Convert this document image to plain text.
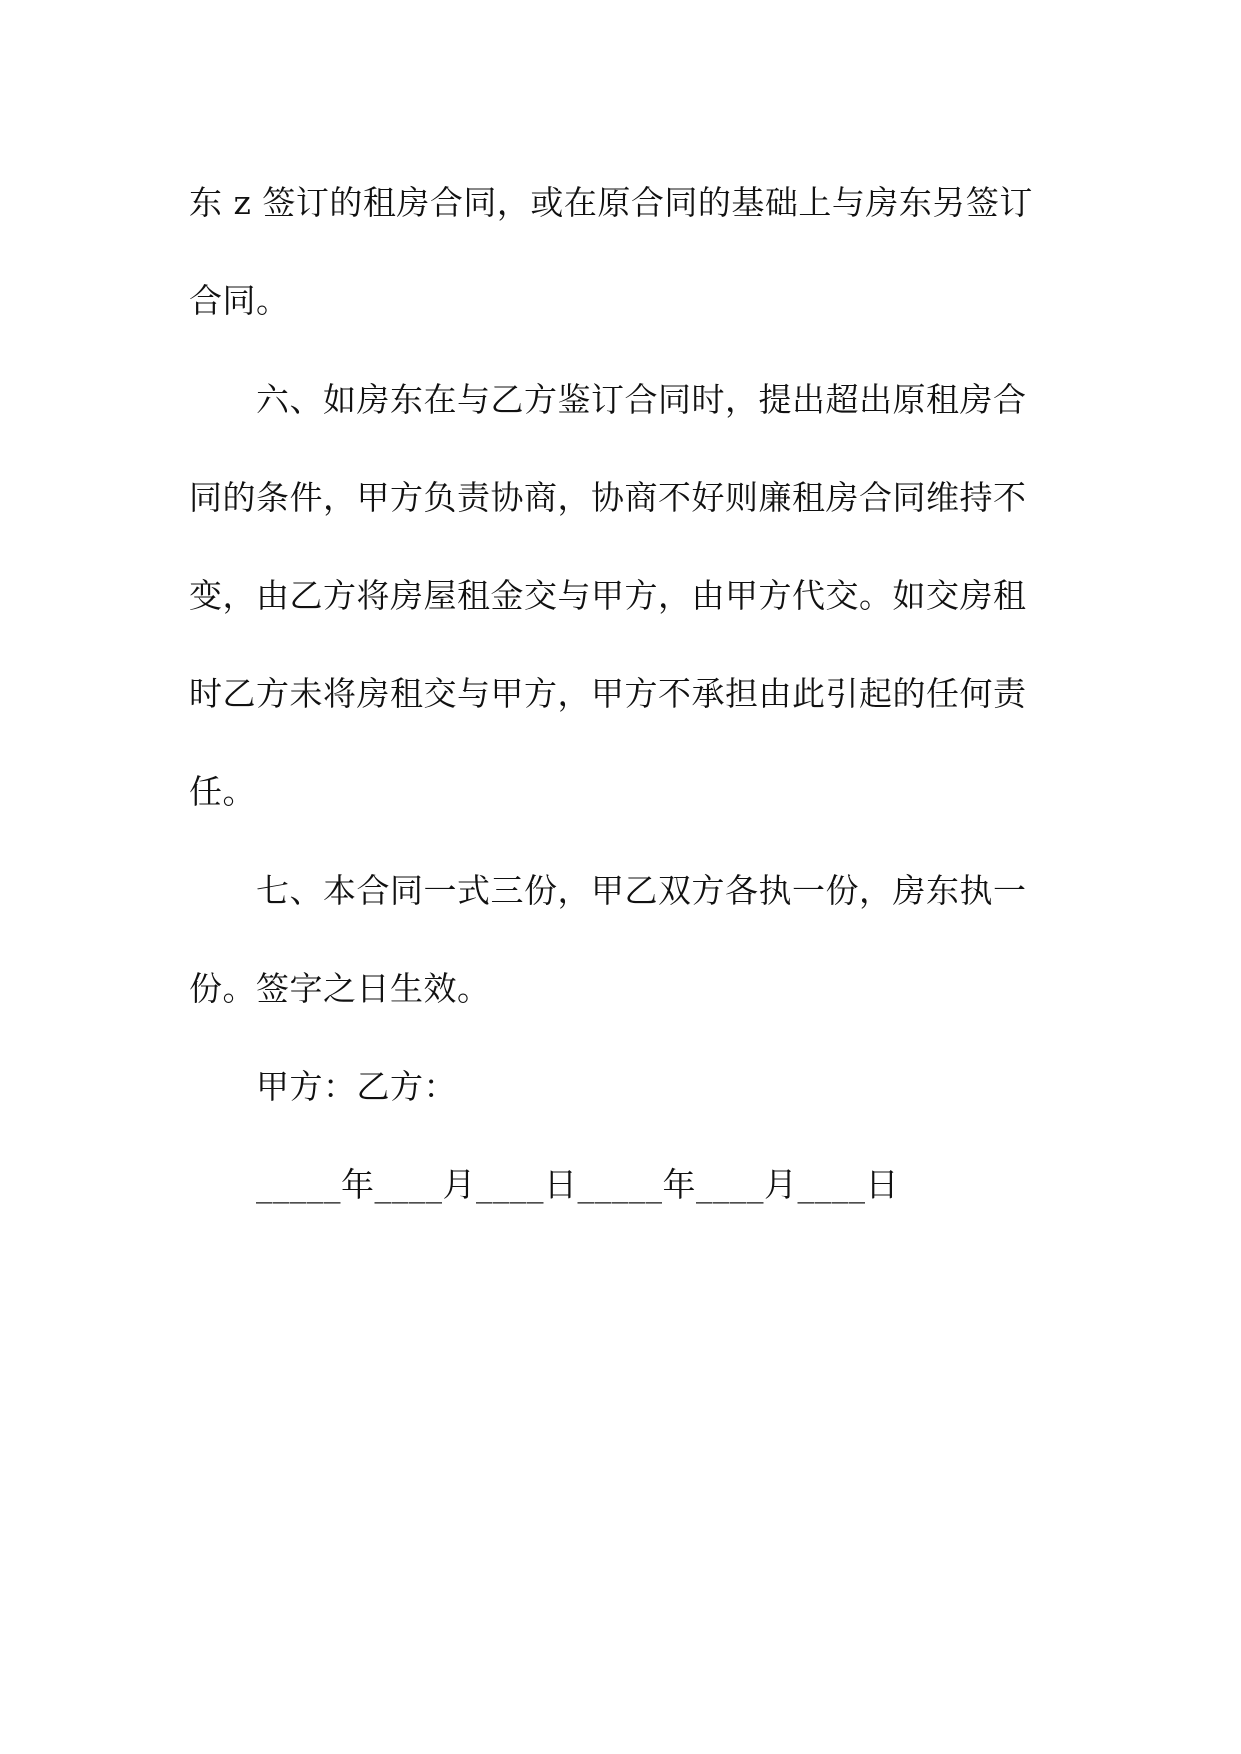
东 z 签订的租房合同，或在原合同的基础上与房东另签订
合同。
六、如房东在与乙方鉴订合同时，提出超出原租房合
同的条件，甲方负责协商，协商不好则廉租房合同维持不
变，由乙方将房屋租金交与甲方，由甲方代交。如交房租
时乙方未将房租交与甲方，甲方不承担由此引起的任何责
任。
七、本合同一式三份，甲乙双方各执一份，房东执一
份。签字之日生效。
甲方：乙方：
_____年____月____日_____年____月____日
